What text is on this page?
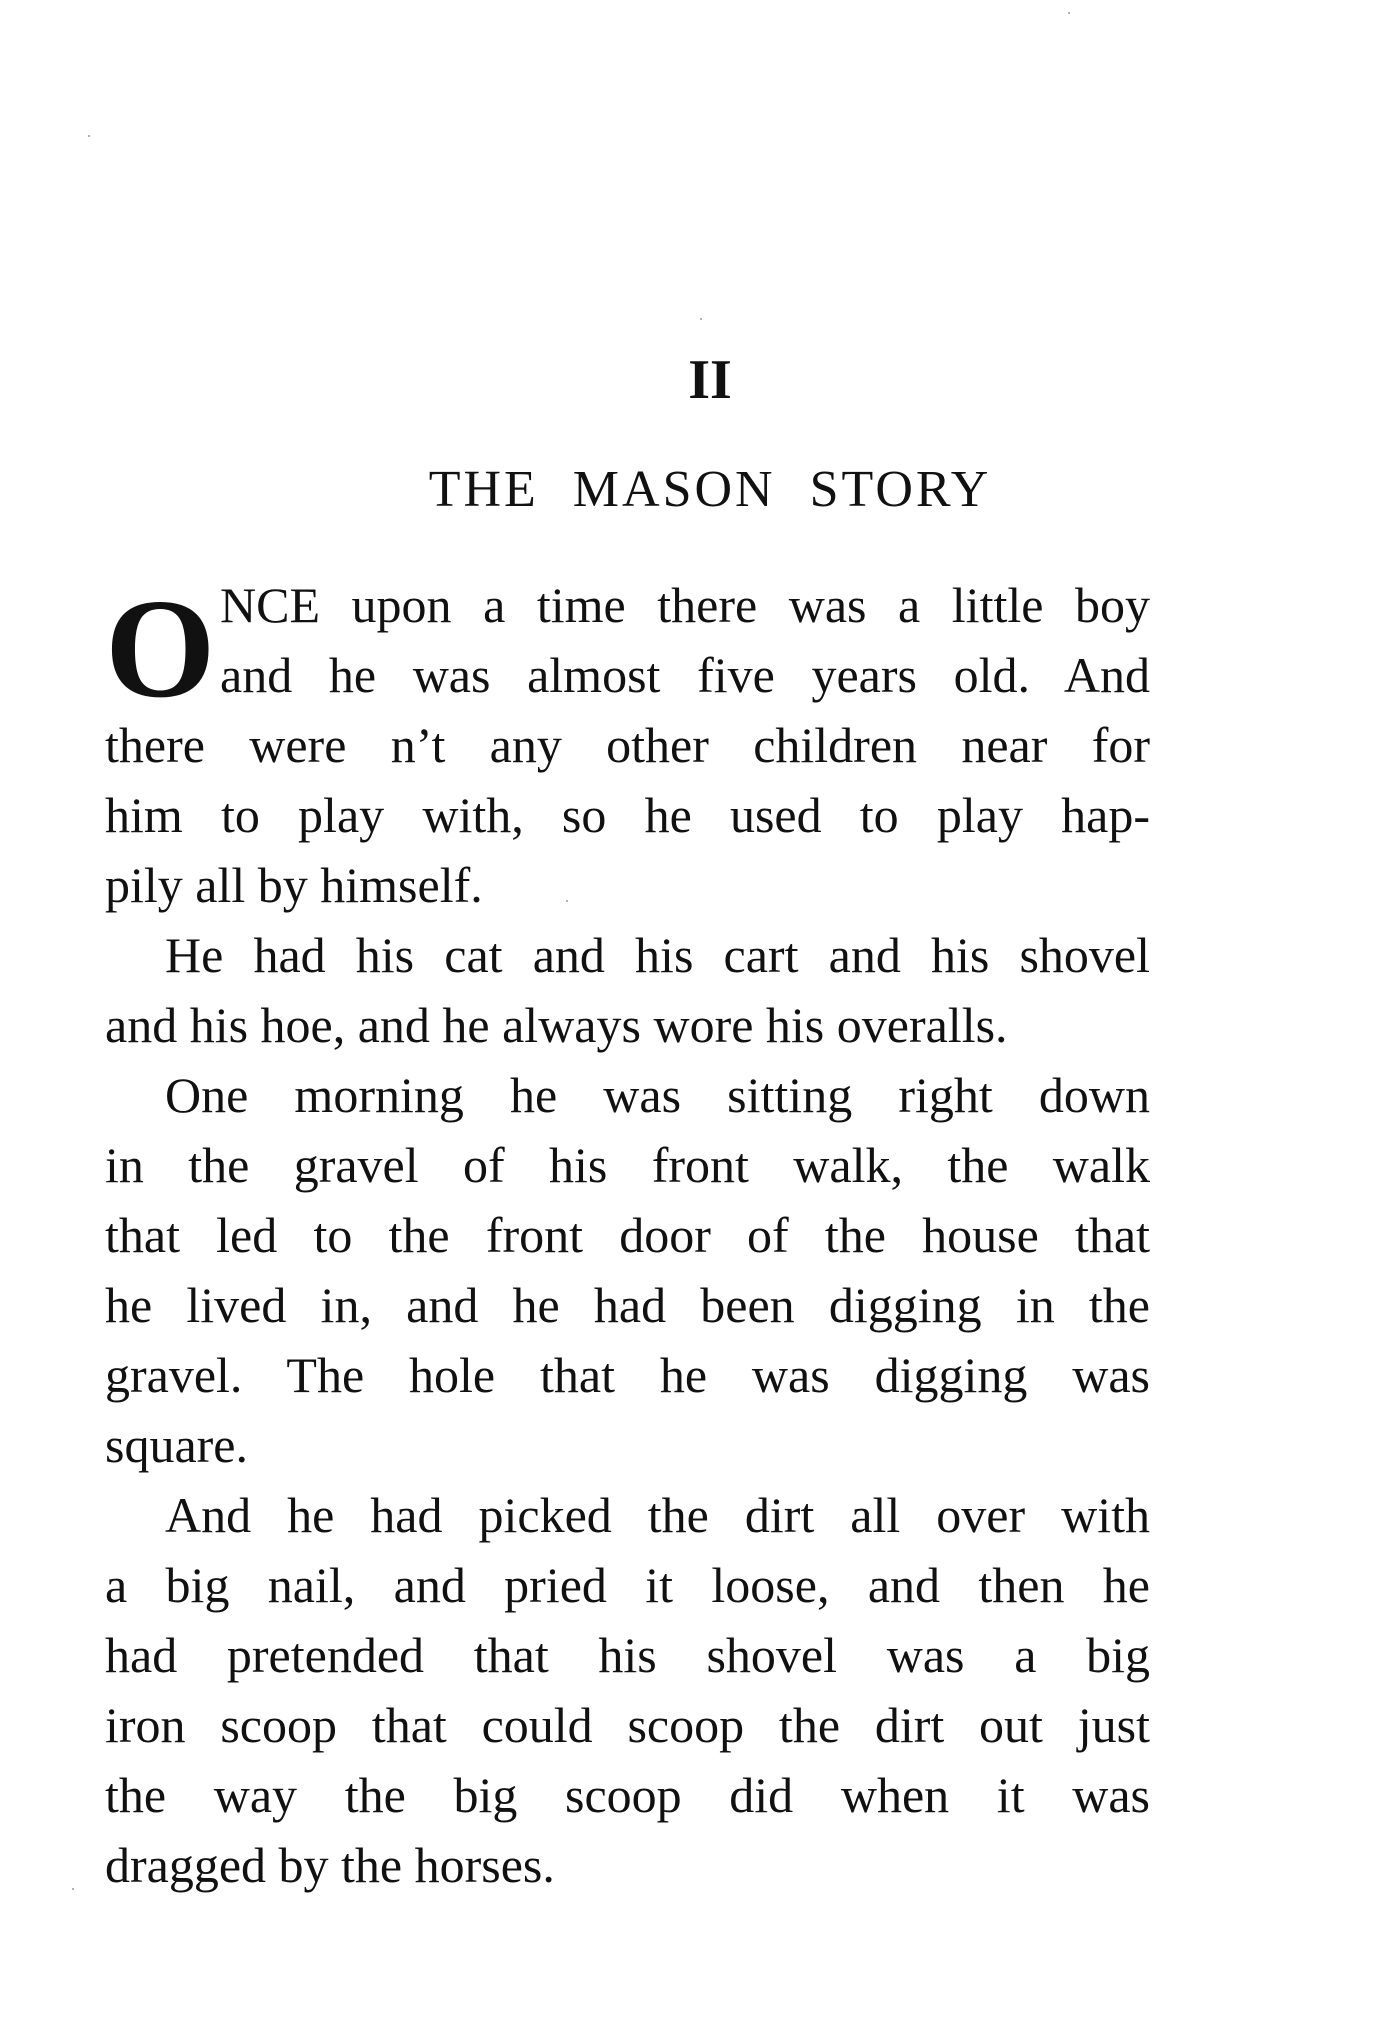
II
THE MASON STORY
O NCE upon a time there was a little boy
and he was almost five years old. And
there were n’t any other children near for
him to play with, so he used to play hap-
pily all by himself.
He had his cat and his cart and his shovel
and his hoe, and he always wore his overalls.
One morning he was sitting right down
in the gravel of his front walk, the walk
that led to the front door of the house that
he lived in, and he had been digging in the
gravel. The hole that he was digging was
square.
And he had picked the dirt all over with
a big nail, and pried it loose, and then he
had pretended that his shovel was a big
iron scoop that could scoop the dirt out just
the way the big scoop did when it was
dragged by the horses.
